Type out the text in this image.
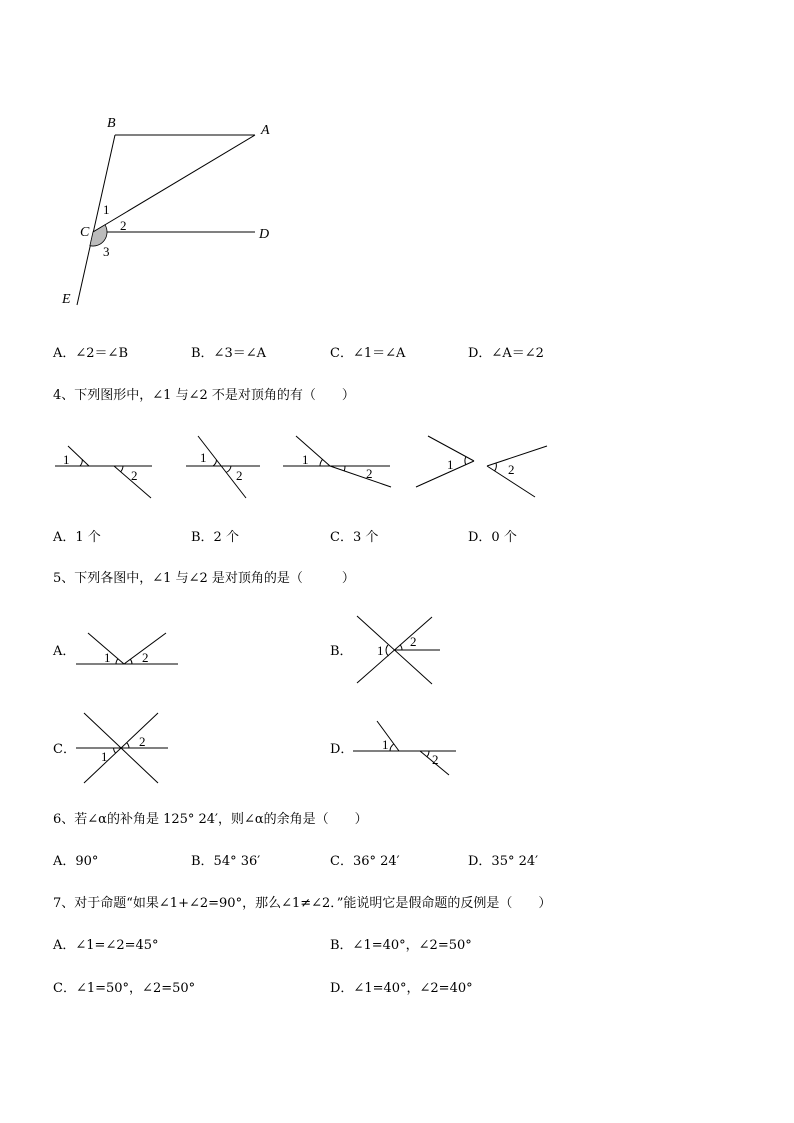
B	A
C	D
E
1
2
3
A．∠2＝∠B	B．∠3＝∠A	C．∠1＝∠A	D．∠A＝∠2
4、下列图形中，∠1 与∠2 不是对顶角的有（　　）
1
2
1
2
1
2
1	2
A．1 个	B．2 个	C．3 个	D．0 个
5、下列各图中，∠1 与∠2 是对顶角的是（　　　）
A．	B．
C．	D．
1 2	1
2
1
2	1
2
6、若∠α的补角是 125° 24′，则∠α的余角是（　　）
A．90°	B．54° 36′	C．36° 24′	D．35° 24′
7、对于命题“如果∠1+∠2=90°，那么∠1≠∠2．”能说明它是假命题的反例是（　　）
A．∠1=∠2=45°	B．∠1=40°，∠2=50°
C．∠1=50°，∠2=50°	D．∠1=40°，∠2=40°
